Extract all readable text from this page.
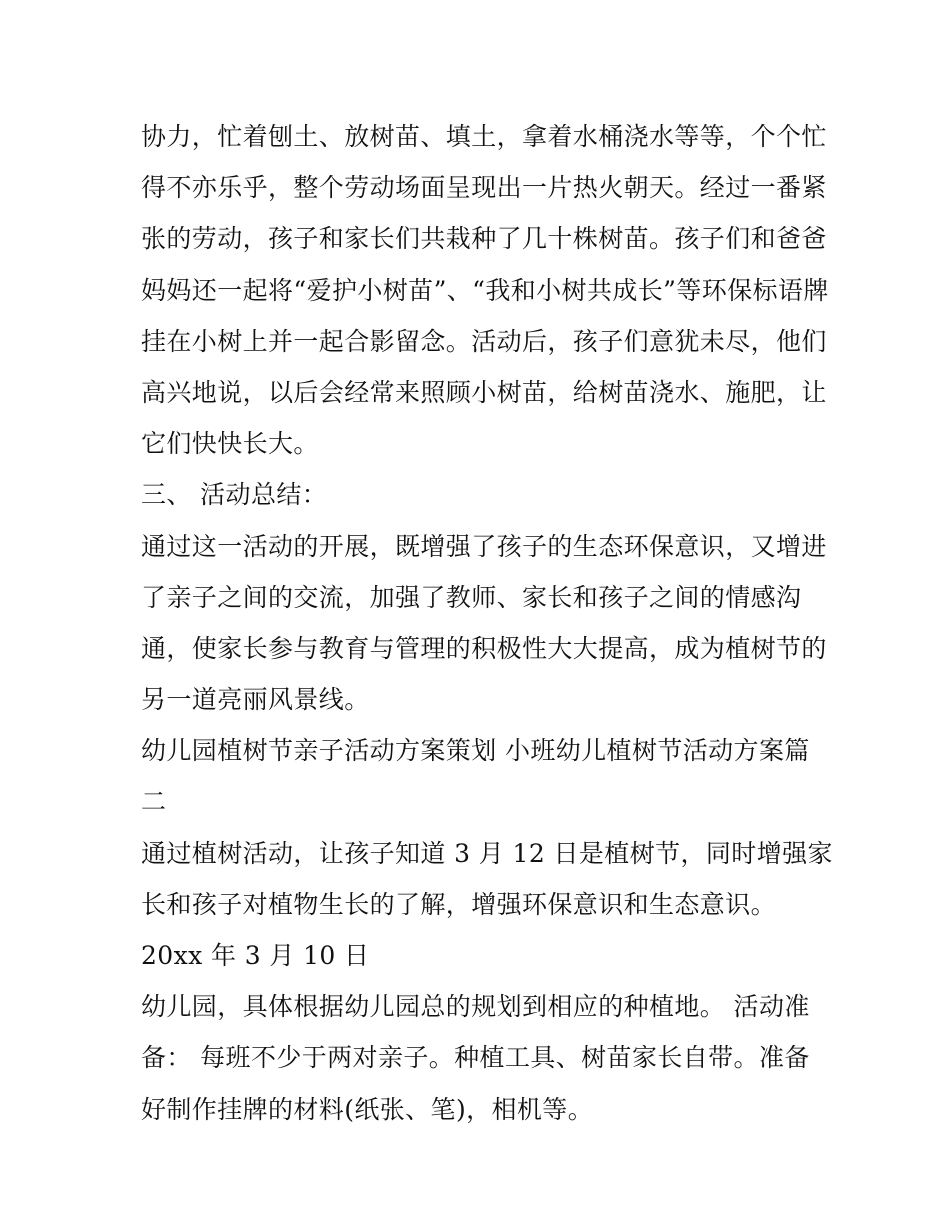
协力，忙着刨土、放树苗、填土，拿着水桶浇水等等，个个忙
得不亦乐乎，整个劳动场面呈现出一片热火朝天。经过一番紧
张的劳动，孩子和家长们共栽种了几十株树苗。孩子们和爸爸
妈妈还一起将“爱护小树苗”、“我和小树共成长”等环保标语牌
挂在小树上并一起合影留念。活动后，孩子们意犹未尽，他们
高兴地说，以后会经常来照顾小树苗，给树苗浇水、施肥，让
它们快快长大。
三、 活动总结：
通过这一活动的开展，既增强了孩子的生态环保意识，又增进
了亲子之间的交流，加强了教师、家长和孩子之间的情感沟
通，使家长参与教育与管理的积极性大大提高，成为植树节的
另一道亮丽风景线。
幼儿园植树节亲子活动方案策划 小班幼儿植树节活动方案篇
二
通过植树活动，让孩子知道 3 月 12 日是植树节，同时增强家
长和孩子对植物生长的了解，增强环保意识和生态意识。
20xx 年 3 月 10 日
幼儿园，具体根据幼儿园总的规划到相应的种植地。 活动准
备： 每班不少于两对亲子。种植工具、树苗家长自带。准备
好制作挂牌的材料(纸张、笔)，相机等。
